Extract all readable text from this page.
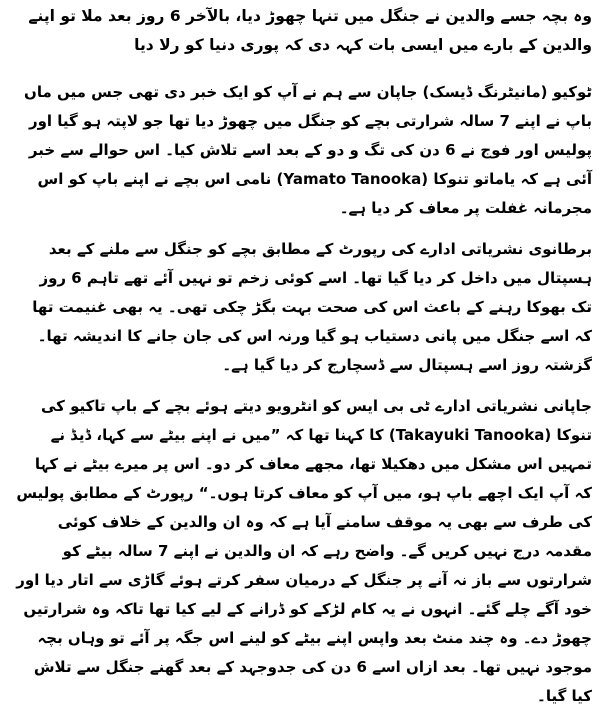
وہ بچہ جسے والدین نے جنگل میں تنہا چھوڑ دیا، بالآخر 6 روز بعد ملا تو اپنے والدین کے بارے میں ایسی بات کہہ دی کہ پوری دنیا کو رلا دیا

ٹوکیو (مانیٹرنگ ڈیسک) جاپان سے ہم نے آپ کو ایک خبر دی تھی جس میں ماں باپ نے اپنے 7 سالہ شرارتی بچے کو جنگل میں چھوڑ دیا تھا جو لاپتہ ہو گیا اور پولیس اور فوج نے 6 دن کی تگ و دو کے بعد اسے تلاش کیا۔ اس حوالے سے خبر آئی ہے کہ یاماتو تنوکا (Yamato Tanooka) نامی اس بچے نے اپنے باپ کو اس مجرمانہ غفلت پر معاف کر دیا ہے۔

برطانوی نشریاتی ادارے کی رپورٹ کے مطابق بچے کو جنگل سے ملنے کے بعد ہسپتال میں داخل کر دیا گیا تھا۔ اسے کوئی زخم تو نہیں آئے تھے تاہم 6 روز تک بھوکا رہنے کے باعث اس کی صحت بہت بگڑ چکی تھی۔ یہ بھی غنیمت تھا کہ اسے جنگل میں پانی دستیاب ہو گیا ورنہ اس کی جان جانے کا اندیشہ تھا۔ گزشتہ روز اسے ہسپتال سے ڈسچارج کر دیا گیا ہے۔

جاپانی نشریاتی ادارے ٹی بی ایس کو انٹرویو دیتے ہوئے بچے کے باپ تاکیو کی تنوکا (Takayuki Tanooka) کا کہنا تھا کہ ”میں نے اپنے بیٹے سے کہا، ڈیڈ نے تمہیں اس مشکل میں دھکیلا تھا، مجھے معاف کر دو۔ اس پر میرے بیٹے نے کہا کہ آپ ایک اچھے باپ ہو، میں آپ کو معاف کرتا ہوں۔“ رپورٹ کے مطابق پولیس کی طرف سے بھی یہ موقف سامنے آیا ہے کہ وہ ان والدین کے خلاف کوئی مقدمہ درج نہیں کریں گے۔ واضح رہے کہ ان والدین نے اپنے 7 سالہ بیٹے کو شرارتوں سے باز نہ آنے پر جنگل کے درمیان سفر کرتے ہوئے گاڑی سے اتار دیا اور خود آگے چلے گئے۔ انہوں نے یہ کام لڑکے کو ڈرانے کے لیے کیا تھا تاکہ وہ شرارتیں چھوڑ دے۔ وہ چند منٹ بعد واپس اپنے بیٹے کو لینے اس جگہ پر آئے تو وہاں بچہ موجود نہیں تھا۔ بعد ازاں اسے 6 دن کی جدوجہد کے بعد گھنے جنگل سے تلاش کیا گیا۔
